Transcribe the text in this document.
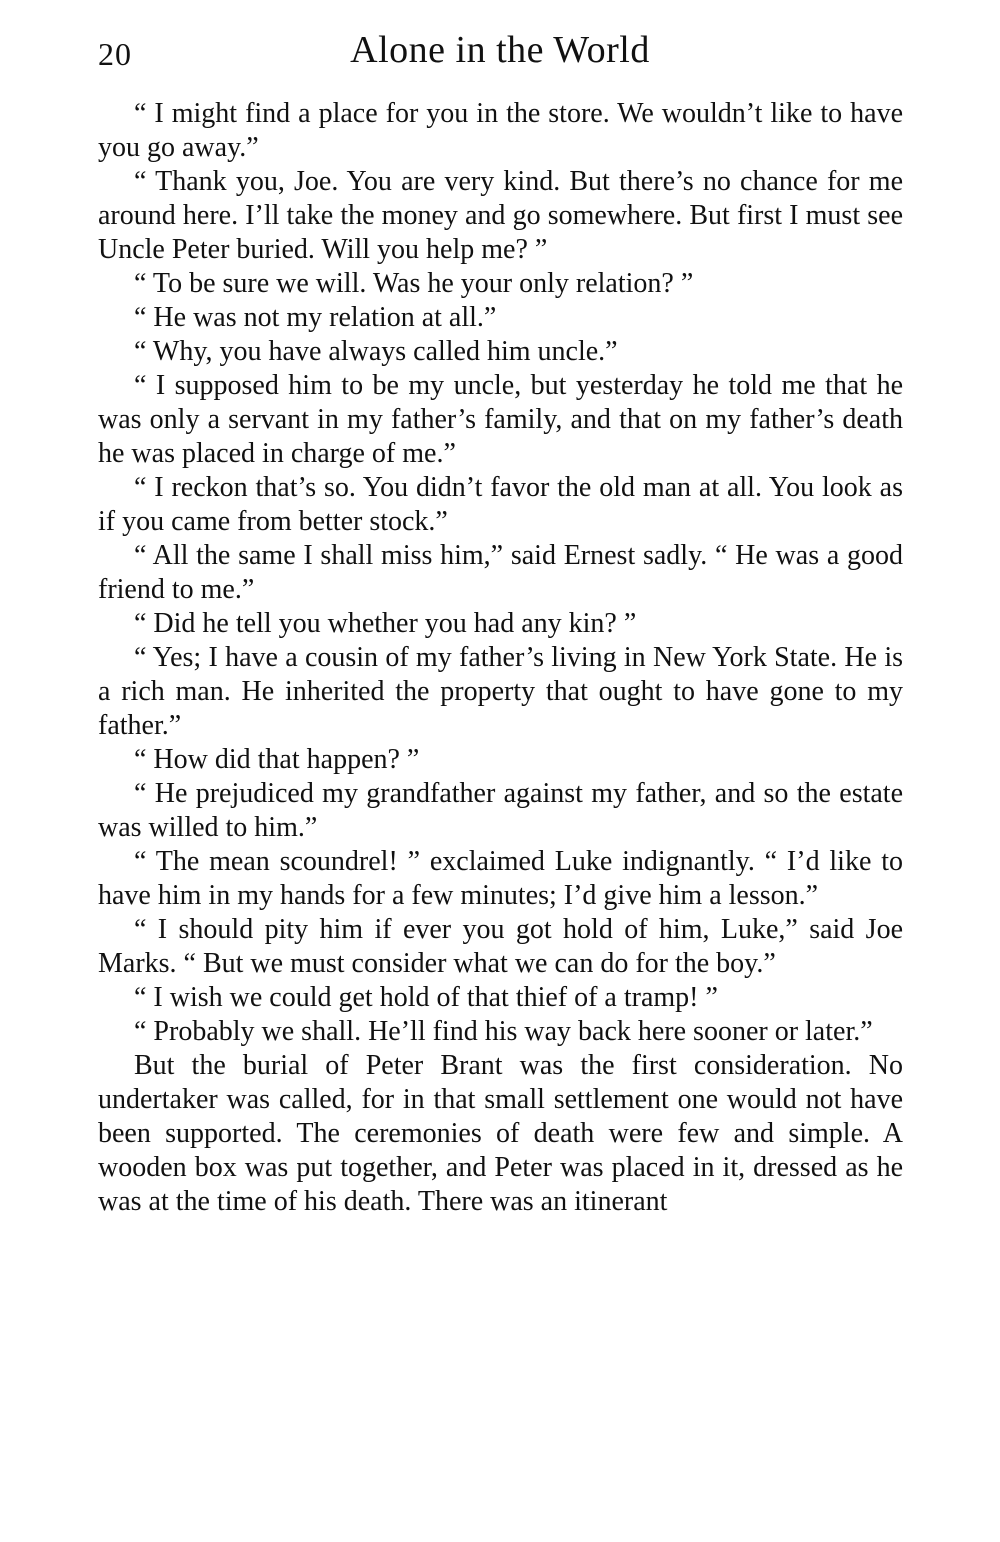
20	Alone in the World

“ I might find a place for you in the store. We wouldn’t like to have you go away.”

“ Thank you, Joe. You are very kind. But there’s no chance for me around here. I’ll take the money and go somewhere. But first I must see Uncle Peter buried. Will you help me? ”

“ To be sure we will. Was he your only relation? ”

“ He was not my relation at all.”

“ Why, you have always called him uncle.”

“ I supposed him to be my uncle, but yesterday he told me that he was only a servant in my father’s family, and that on my father’s death he was placed in charge of me.”

“ I reckon that’s so. You didn’t favor the old man at all. You look as if you came from better stock.”

“ All the same I shall miss him,” said Ernest sadly. “ He was a good friend to me.”

“ Did he tell you whether you had any kin? ”

“ Yes; I have a cousin of my father’s living in New York State. He is a rich man. He inherited the property that ought to have gone to my father.”

“ How did that happen? ”

“ He prejudiced my grandfather against my father, and so the estate was willed to him.”

“ The mean scoundrel! ” exclaimed Luke indignantly. “ I’d like to have him in my hands for a few minutes; I’d give him a lesson.”

“ I should pity him if ever you got hold of him, Luke,” said Joe Marks. “ But we must consider what we can do for the boy.”

“ I wish we could get hold of that thief of a tramp! ”

“ Probably we shall. He’ll find his way back here sooner or later.”

But the burial of Peter Brant was the first consideration. No undertaker was called, for in that small settlement one would not have been supported. The ceremonies of death were few and simple. A wooden box was put together, and Peter was placed in it, dressed as he was at the time of his death. There was an itinerant
